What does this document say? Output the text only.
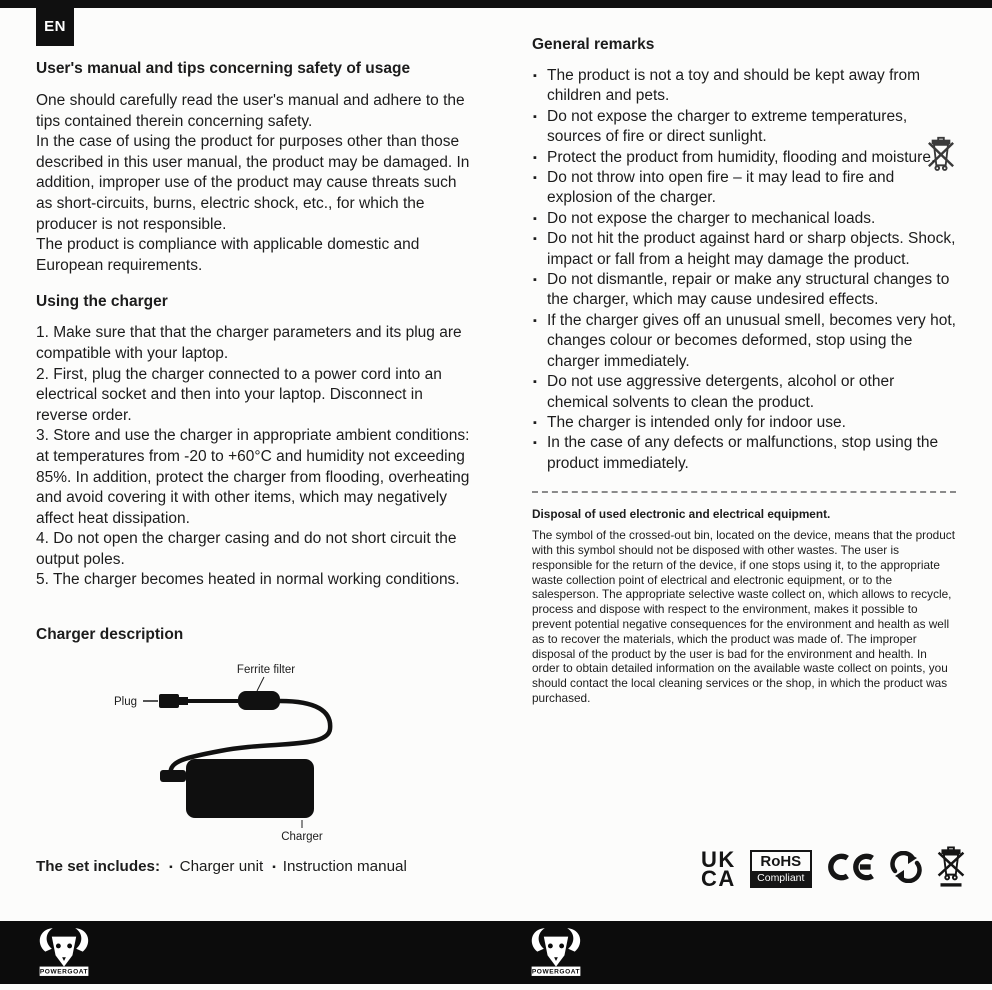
EN
User's manual and tips concerning safety of usage

One should carefully read the user's manual and adhere to the tips contained therein concerning safety.

In the case of using the product for purposes other than those described in this user manual, the product may be damaged. In addition, improper use of the product may cause threats such as short-circuits, burns, electric shock, etc., for which the producer is not responsible.

The product is compliance with applicable domestic and European requirements.

Using the charger

1. Make sure that that the charger parameters and its plug are compatible with your laptop.

2. First, plug the charger connected to a power cord into an electrical socket and then into your laptop. Disconnect in reverse order.

3. Store and use the charger in appropriate ambient conditions: at temperatures from -20 to +60°C and humidity not exceeding 85%. In addition, protect the charger from flooding, overheating and avoid covering it with other items, which may negatively affect heat dissipation.

4. Do not open the charger casing and do not short circuit the output poles.

5. The charger becomes heated in normal working conditions.

Charger description
Ferrite filter
Plug
Charger
The set includes:	▪ Charger unit	▪ Instruction manual
General remarks
▪ The product is not a toy and should be kept away from children and pets.
▪ Do not expose the charger to extreme temperatures, sources of fire or direct sunlight.
▪ Protect the product from humidity, flooding and moisture.
▪ Do not throw into open fire – it may lead to fire and explosion of the charger.
▪ Do not expose the charger to mechanical loads.
▪ Do not hit the product against hard or sharp objects. Shock, impact or fall from a height may damage the product.
▪ Do not dismantle, repair or make any structural changes to the charger, which may cause undesired effects.
▪ If the charger gives off an unusual smell, becomes very hot, changes colour or becomes deformed, stop using the charger immediately.
▪ Do not use aggressive detergents, alcohol or other chemical solvents to clean the product.
▪ The charger is intended only for indoor use.
▪ In the case of any defects or malfunctions, stop using the product immediately.

Disposal of used electronic and electrical equipment.

The symbol of the crossed-out bin, located on the device, means that the product with this symbol should not be disposed with other wastes. The user is responsible for the return of the device, if one stops using it, to the appropriate waste collection point of electrical and electronic equipment, or to the salesperson. The appropriate selective waste collect on, which allows to recycle, process and dispose with respect to the environment, makes it possible to prevent potential negative consequences for the environment and health as well as to recover the materials, which the product was made of. The improper disposal of the product by the user is bad for the environment and health. In order to obtain detailed information on the available waste collect on points, you should contact the local cleaning services or the shop, in which the product was purchased.

UK
CA
RoHS
Compliant
POWERGOAT	POWERGOAT
